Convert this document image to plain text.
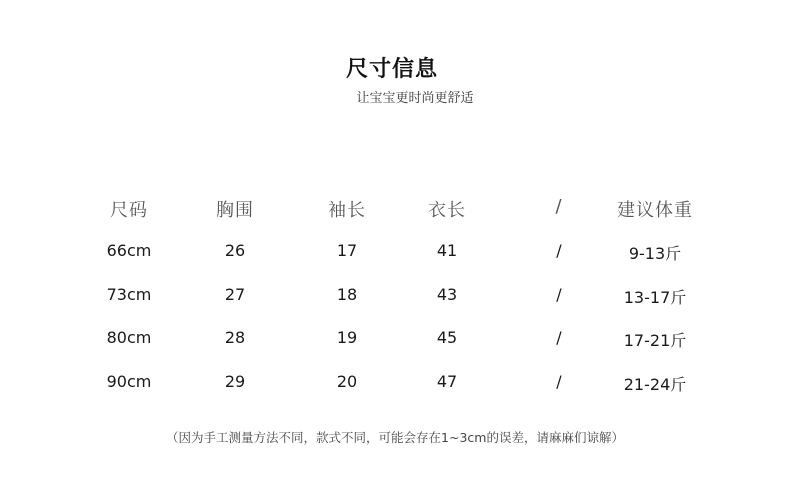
尺寸信息
让宝宝更时尚更舒适
尺码	胸围	袖长	衣长	/	建议体重
66cm	26	17	41	/	9-13斤
73cm	27	18	43	/	13-17斤
80cm	28	19	45	/	17-21斤
90cm	29	20	47	/	21-24斤
（因为手工测量方法不同，款式不同，可能会存在1~3cm的误差，请麻麻们谅解）
